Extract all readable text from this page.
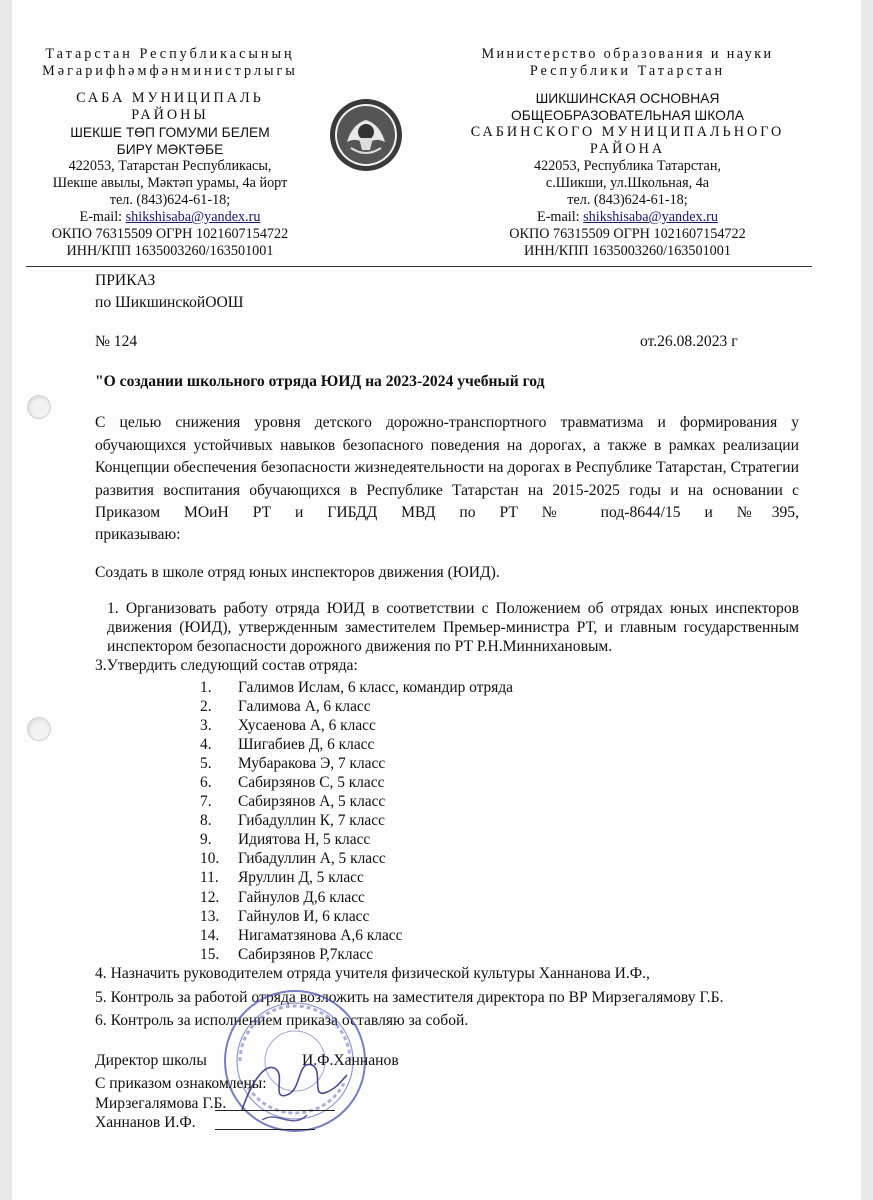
Татарстан Республикасының
Мәгарифһәмфәнминистрлыгы
САБА МУНИЦИПАЛЬ РАЙОНЫ
ШЕКШЕ ТӨП ГОМУМИ БЕЛЕМ
БИРҮ МӘКТӘБЕ
422053, Татарстан Республикасы,
Шекше авылы, Мәктәп урамы, 4а йорт
тел. (843)624-61-18;
E-mail: shikshisaba@yandex.ru
ОКПО 76315509 ОГРН 1021607154722
ИНН/КПП 1635003260/163501001
Министерство образования и науки
Республики Татарстан
ШИКШИНСКАЯ ОСНОВНАЯ
ОБЩЕОБРАЗОВАТЕЛЬНАЯ ШКОЛА
САБИНСКОГО МУНИЦИПАЛЬНОГО
РАЙОНА
422053, Республика Татарстан,
с.Шикши, ул.Школьная, 4а
тел. (843)624-61-18;
E-mail: shikshisaba@yandex.ru
ОКПО 76315509 ОГРН 1021607154722
ИНН/КПП 1635003260/163501001
ПРИКАЗ
по ШикшинскойООШ
№ 124	от.26.08.2023 г
"О создании школьного отряда ЮИД на 2023-2024 учебный год
С целью снижения уровня детского дорожно-транспортного травматизма и формирования у обучающихся устойчивых навыков безопасного поведения на дорогах, а также в рамках реализации Концепции обеспечения безопасности жизнедеятельности на дорогах в Республике Татарстан, Стратегии развития воспитания обучающихся в Республике Татарстан на 2015-2025 годы и на основании с Приказом МОиН РТ и ГИБДД МВД по РТ № под-8644/15 и №395,
приказываю:
Создать в школе отряд юных инспекторов движения (ЮИД).
1. Организовать работу отряда ЮИД в соответствии с Положением об отрядах юных инспекторов движения (ЮИД), утвержденным заместителем Премьер-министра РТ, и главным государственным инспектором безопасности дорожного движения по РТ Р.Н.Миннихановым.
3.Утвердить следующий состав отряда:
1.	Галимов Ислам, 6 класс, командир отряда
2.	Галимова А, 6 класс
3.	Хусаенова А, 6 класс
4.	Шигабиев Д, 6 класс
5.	Мубаракова Э, 7 класс
6.	Сабирзянов С, 5 класс
7.	Сабирзянов А, 5 класс
8.	Гибадуллин К, 7 класс
9.	Идиятова Н, 5 класс
10.	Гибадуллин А, 5 класс
11.	Яруллин Д, 5 класс
12.	Гайнулов Д,6 класс
13.	Гайнулов И, 6 класс
14.	Нигаматзянова А,6 класс
15.	Сабирзянов Р,7класс
4. Назначить руководителем отряда учителя физической культуры Ханнанова И.Ф.,
5. Контроль за работой отряда возложить на заместителя директора по ВР Мирзегалямову Г.Б.
6. Контроль за исполнением приказа оставляю за собой.
Директор школы	И.Ф.Ханнанов
С приказом ознакомлены:
Мирзегалямова Г.Б.
Ханнанов И.Ф.
